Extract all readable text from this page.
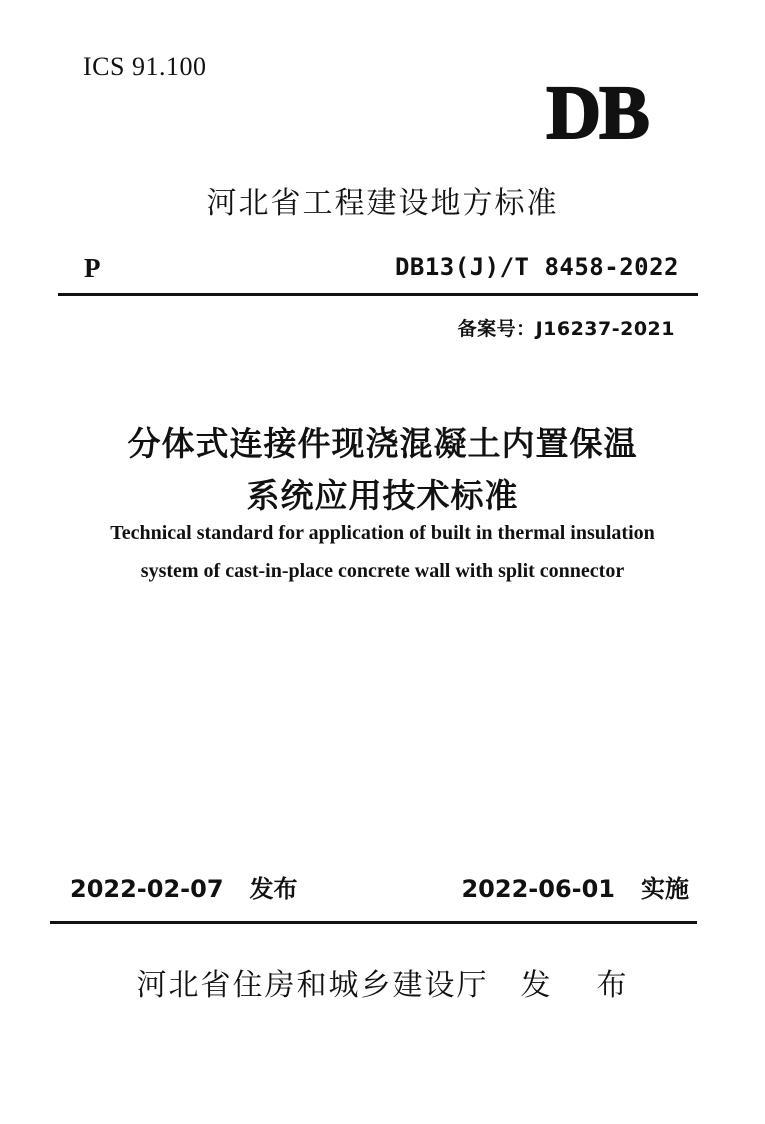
ICS 91.100
DB
河北省工程建设地方标准
P	DB13(J)/T 8458-2022
备案号：J16237-2021
分体式连接件现浇混凝土内置保温
系统应用技术标准
Technical standard for application of built in thermal insulation
system of cast-in-place concrete wall with split connector
2022-02-07 发布	2022-06-01 实施
河北省住房和城乡建设厅 发 布
